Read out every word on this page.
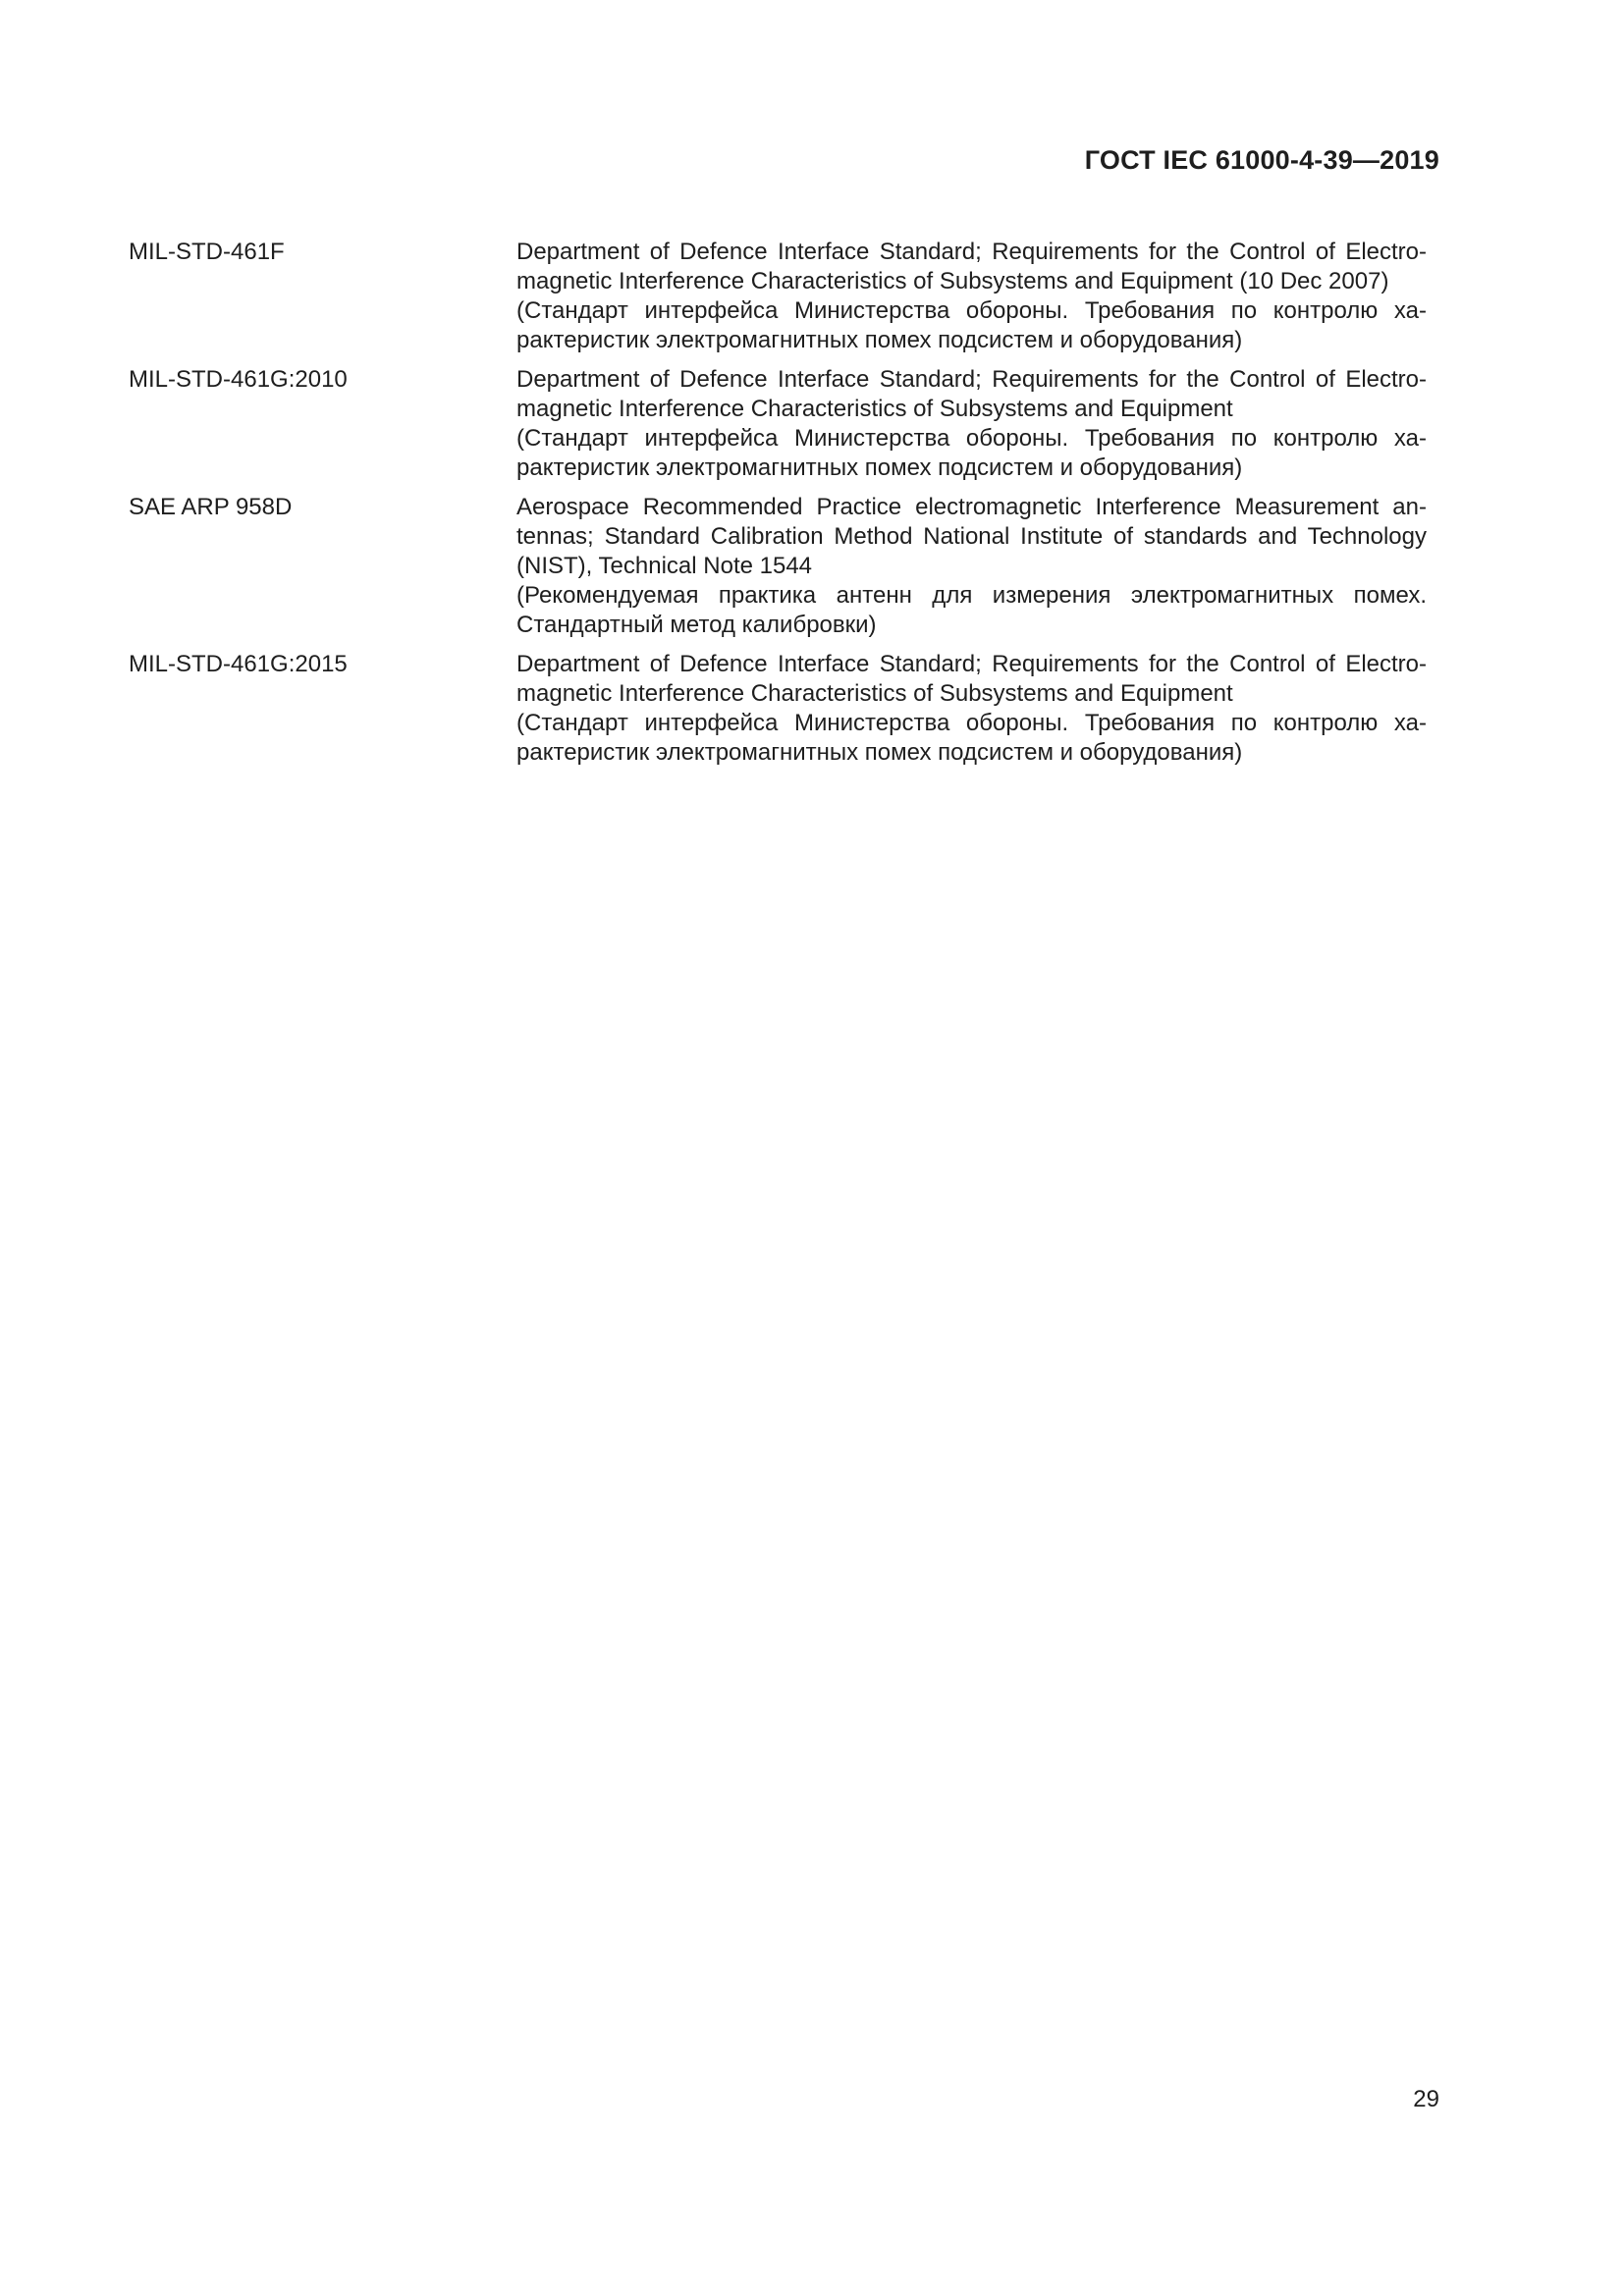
ГОСТ IEC 61000-4-39—2019
MIL-STD-461F	Department of Defence Interface Standard; Requirements for the Control of Electro-
magnetic Interference Characteristics of Subsystems and Equipment (10 Dec 2007)
(Стандарт интерфейса Министерства обороны. Требования по контролю ха-
рактеристик электромагнитных помех подсистем и оборудования)
MIL-STD-461G:2010	Department of Defence Interface Standard; Requirements for the Control of Electro-
magnetic Interference Characteristics of Subsystems and Equipment
(Стандарт интерфейса Министерства обороны. Требования по контролю ха-
рактеристик электромагнитных помех подсистем и оборудования)
SAE ARP 958D	Aerospace Recommended Practice electromagnetic Interference Measurement an-
tennas; Standard Calibration Method National Institute of standards and Technology
(NIST), Technical Note 1544
(Рекомендуемая практика антенн для измерения электромагнитных помех.
Стандартный метод калибровки)
MIL-STD-461G:2015	Department of Defence Interface Standard; Requirements for the Control of Electro-
magnetic Interference Characteristics of Subsystems and Equipment
(Стандарт интерфейса Министерства обороны. Требования по контролю ха-
рактеристик электромагнитных помех подсистем и оборудования)
29
